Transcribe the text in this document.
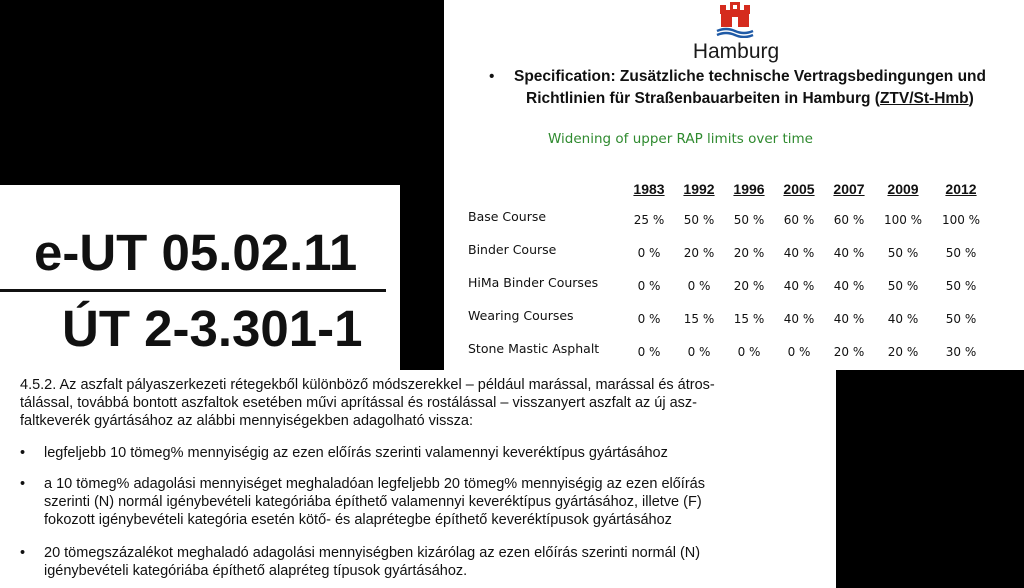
Hamburg
• Specification: Zusätzliche technische Vertragsbedingungen und
Richtlinien für Straßenbauarbeiten in Hamburg (ZTV/St-Hmb)
Widening of upper RAP limits over time
	1983	1992	1996	2005	2007	2009	2012
Base Course	25 %	50 %	50 %	60 %	60 %	100 %	100 %
Binder Course	0 %	20 %	20 %	40 %	40 %	50 %	50 %
HiMa Binder Courses	0 %	0 %	20 %	40 %	40 %	50 %	50 %
Wearing Courses	0 %	15 %	15 %	40 %	40 %	40 %	50 %
Stone Mastic Asphalt	0 %	0 %	0 %	0 %	20 %	20 %	30 %
e-UT 05.02.11
ÚT 2-3.301-1
4.5.2. Az aszfalt pályaszerkezeti rétegekből különböző módszerekkel – például marással, marással és átros-
tálással, továbbá bontott aszfaltok esetében művi aprítással és rostálással – visszanyert aszfalt az új asz-
faltkeverék gyártásához az alábbi mennyiségekben adagolható vissza:
• legfeljebb 10 tömeg% mennyiségig az ezen előírás szerinti valamennyi keveréktípus gyártásához
• a 10 tömeg% adagolási mennyiséget meghaladóan legfeljebb 20 tömeg% mennyiségig az ezen előírás
szerinti (N) normál igénybevételi kategóriába építhető valamennyi keveréktípus gyártásához, illetve (F)
fokozott igénybevételi kategória esetén kötő- és alaprétegbe építhető keveréktípusok gyártásához
• 20 tömegszázalékot meghaladó adagolási mennyiségben kizárólag az ezen előírás szerinti normál (N)
igénybevételi kategóriába építhető alapréteg típusok gyártásához.
